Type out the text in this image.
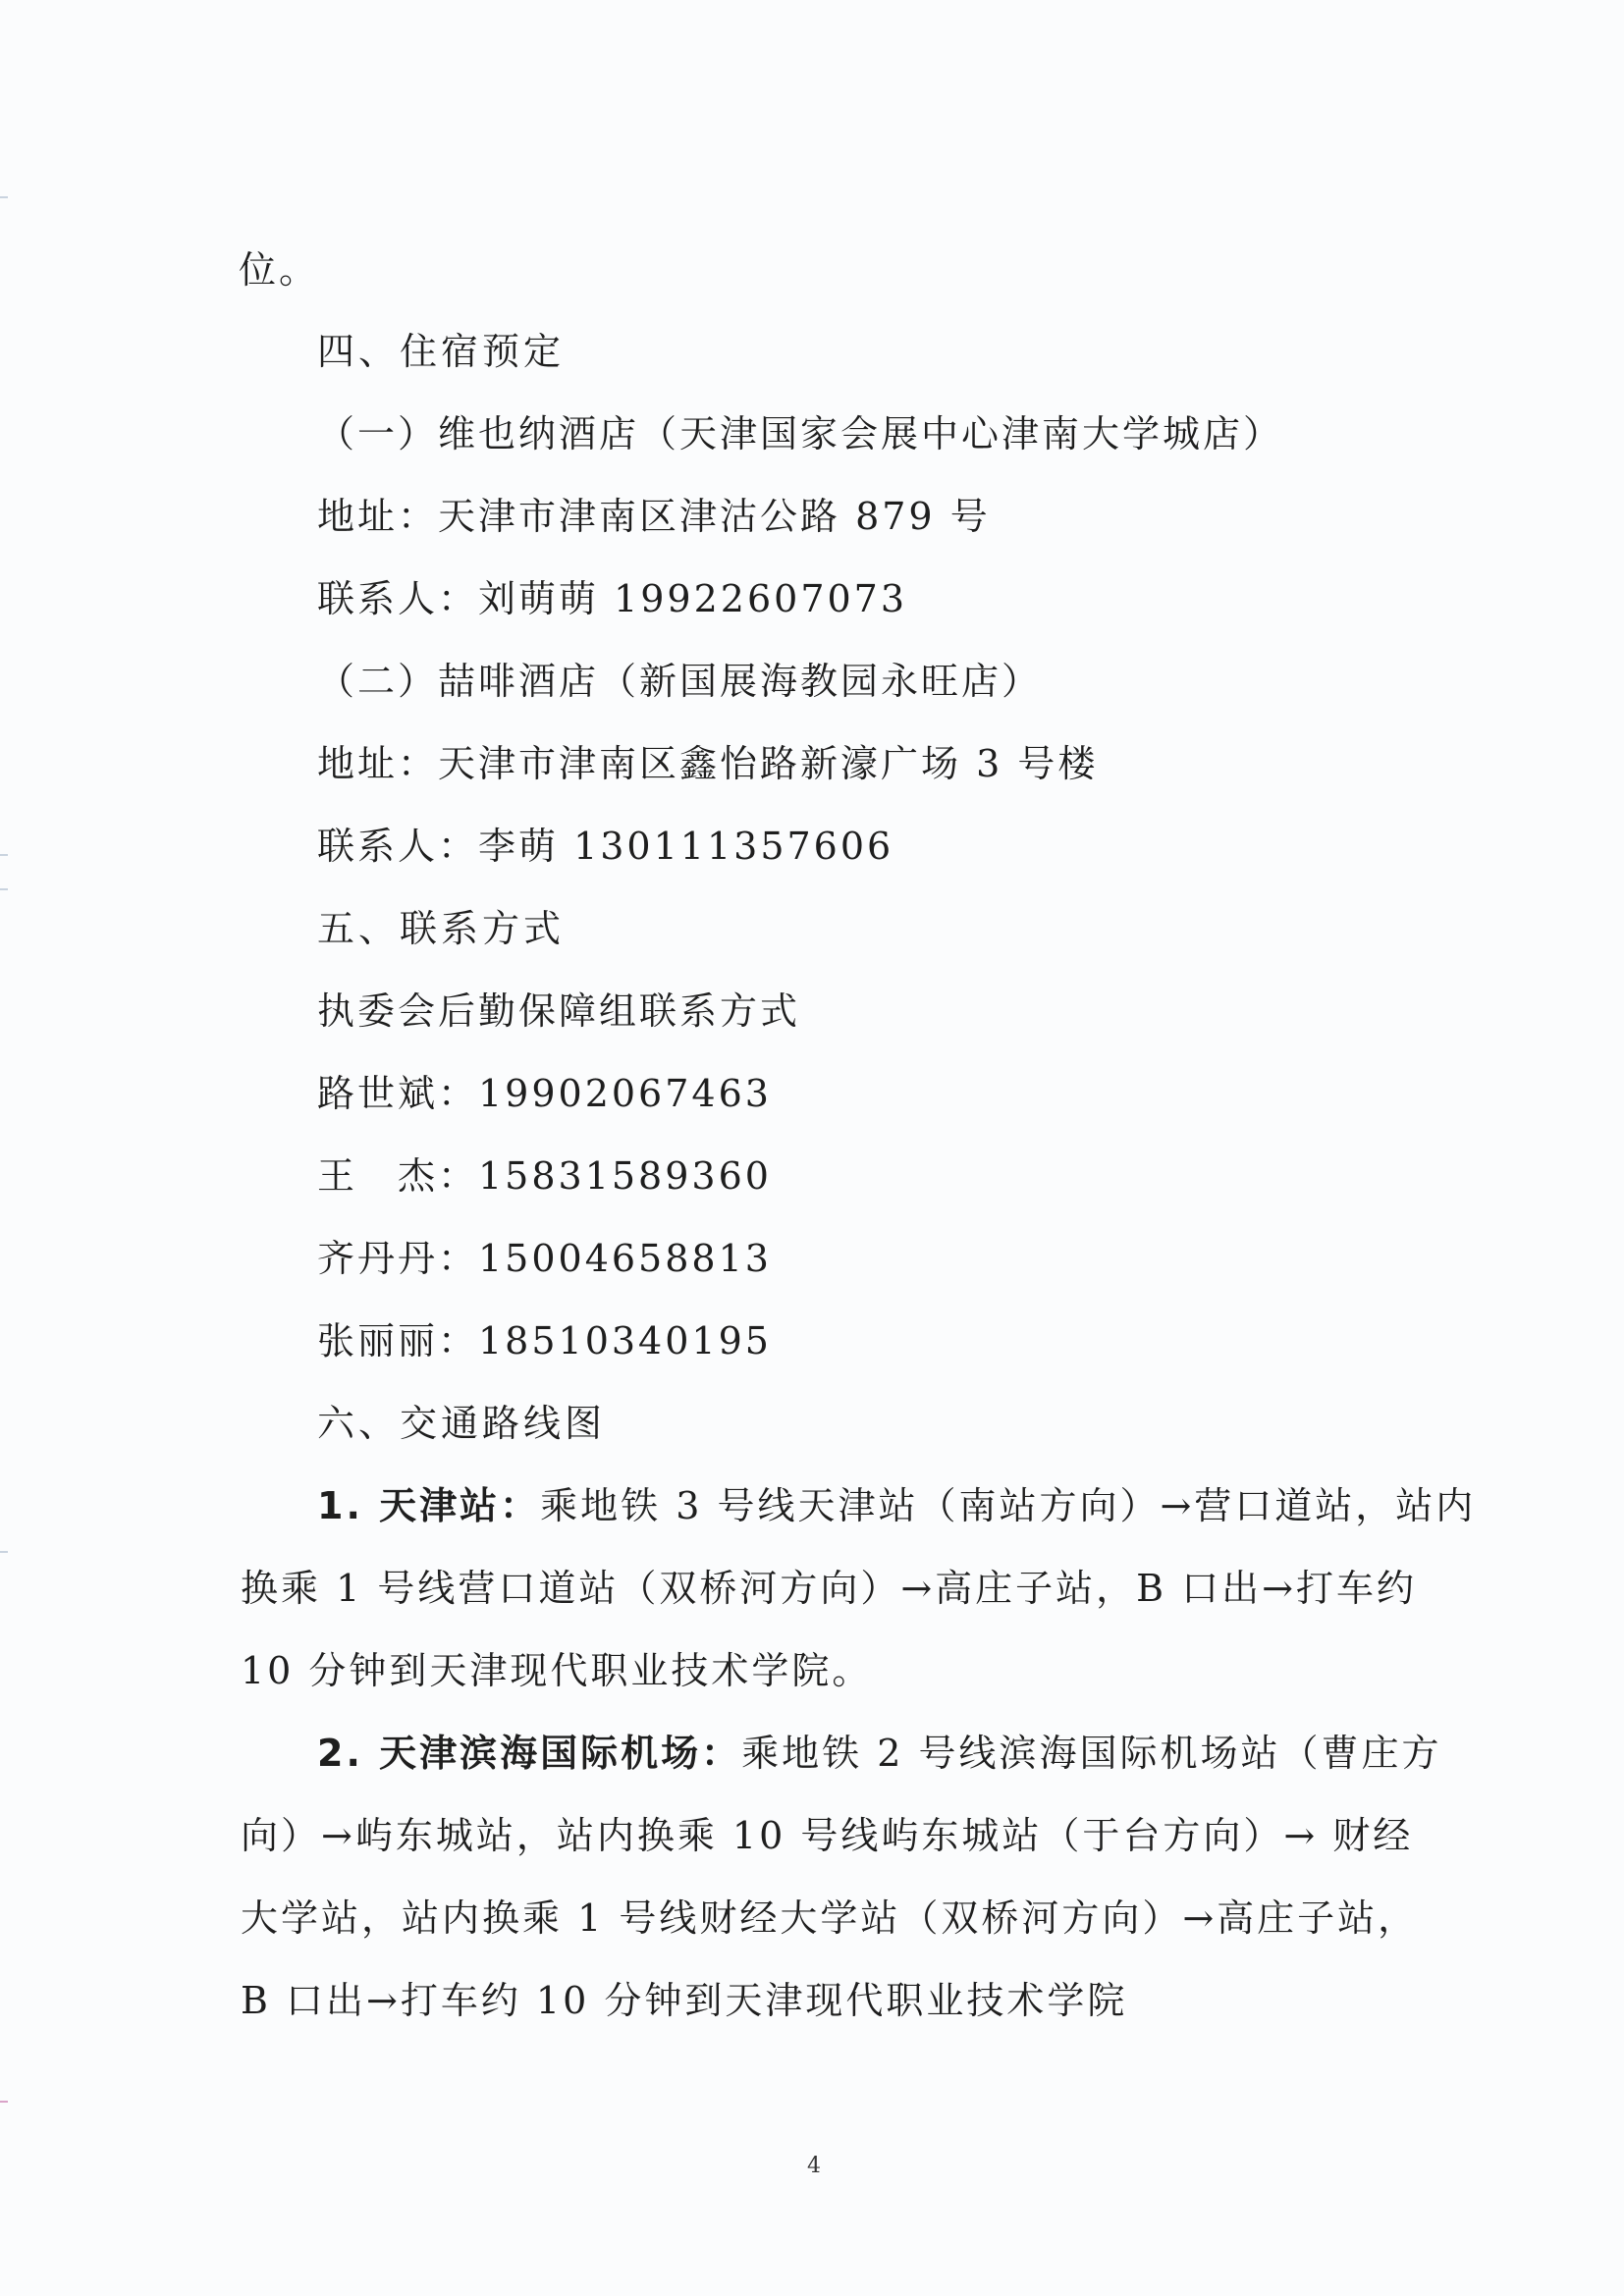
位。
四、住宿预定
（一）维也纳酒店（天津国家会展中心津南大学城店）
地址：天津市津南区津沽公路 879 号
联系人：刘萌萌 19922607073
（二）喆啡酒店（新国展海教园永旺店）
地址：天津市津南区鑫怡路新濠广场 3 号楼
联系人：李萌 130111357606
五、联系方式
执委会后勤保障组联系方式
路世斌：19902067463
王　杰：15831589360
齐丹丹：15004658813
张丽丽：18510340195
六、交通路线图
1. 天津站：乘地铁 3 号线天津站（南站方向）→营口道站，站内
换乘 1 号线营口道站（双桥河方向）→高庄子站，B 口出→打车约
10 分钟到天津现代职业技术学院。
2. 天津滨海国际机场：乘地铁 2 号线滨海国际机场站（曹庄方
向）→屿东城站，站内换乘 10 号线屿东城站（于台方向）→ 财经
大学站，站内换乘 1 号线财经大学站（双桥河方向）→高庄子站，
B 口出→打车约 10 分钟到天津现代职业技术学院
4
